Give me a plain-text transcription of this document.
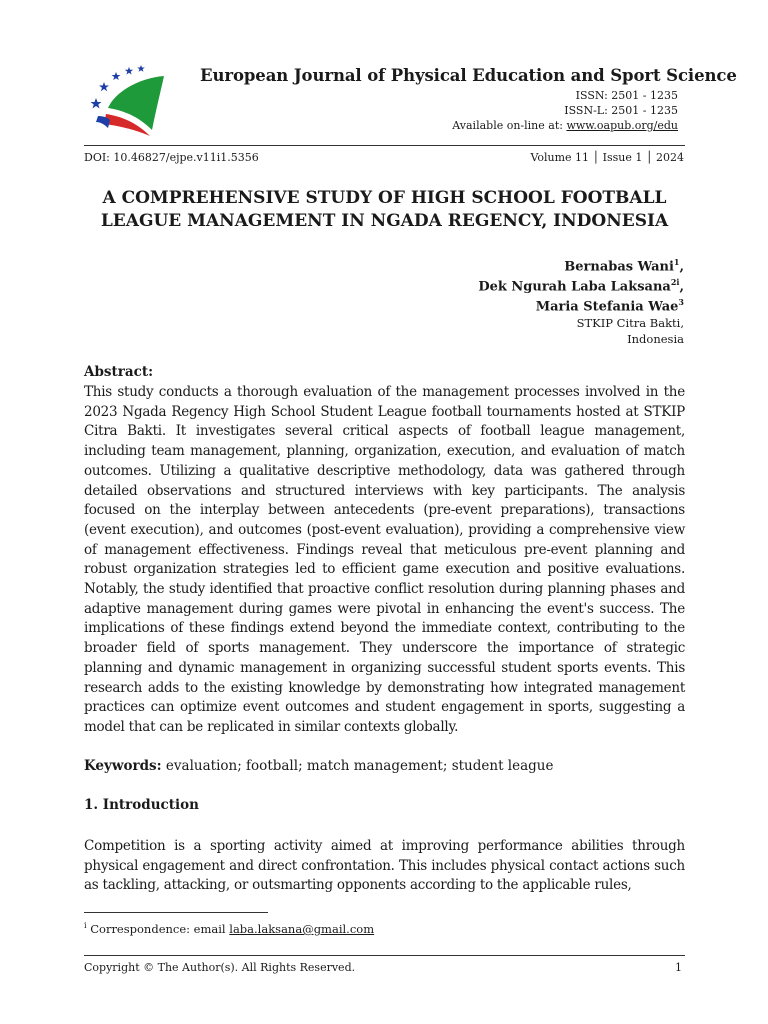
European Journal of Physical Education and Sport Science
ISSN: 2501 - 1235
ISSN-L: 2501 - 1235
Available on-line at: www.oapub.org/edu
DOI: 10.46827/ejpe.v11i1.5356	Volume 11 │ Issue 1 │ 2024
A COMPREHENSIVE STUDY OF HIGH SCHOOL FOOTBALL
LEAGUE MANAGEMENT IN NGADA REGENCY, INDONESIA
Bernabas Wani$^1$,
Dek Ngurah Laba Laksana$^{2i}$,
Maria Stefania Wae$^3$
STKIP Citra Bakti,
Indonesia
Abstract:
This study conducts a thorough evaluation of the management processes involved in the 2023 Ngada Regency High School Student League football tournaments hosted at STKIP Citra Bakti. It investigates several critical aspects of football league management, including team management, planning, organization, execution, and evaluation of match outcomes. Utilizing a qualitative descriptive methodology, data was gathered through detailed observations and structured interviews with key participants. The analysis focused on the interplay between antecedents (pre-event preparations), transactions (event execution), and outcomes (post-event evaluation), providing a comprehensive view of management effectiveness. Findings reveal that meticulous pre-event planning and robust organization strategies led to efficient game execution and positive evaluations. Notably, the study identified that proactive conflict resolution during planning phases and adaptive management during games were pivotal in enhancing the event's success. The implications of these findings extend beyond the immediate context, contributing to the broader field of sports management. They underscore the importance of strategic planning and dynamic management in organizing successful student sports events. This research adds to the existing knowledge by demonstrating how integrated management practices can optimize event outcomes and student engagement in sports, suggesting a model that can be replicated in similar contexts globally.
Keywords: evaluation; football; match management; student league
1. Introduction
Competition is a sporting activity aimed at improving performance abilities through physical engagement and direct confrontation. This includes physical contact actions such as tackling, attacking, or outsmarting opponents according to the applicable rules,
$^i$ Correspondence: email laba.laksana@gmail.com
Copyright © The Author(s). All Rights Reserved.	1
